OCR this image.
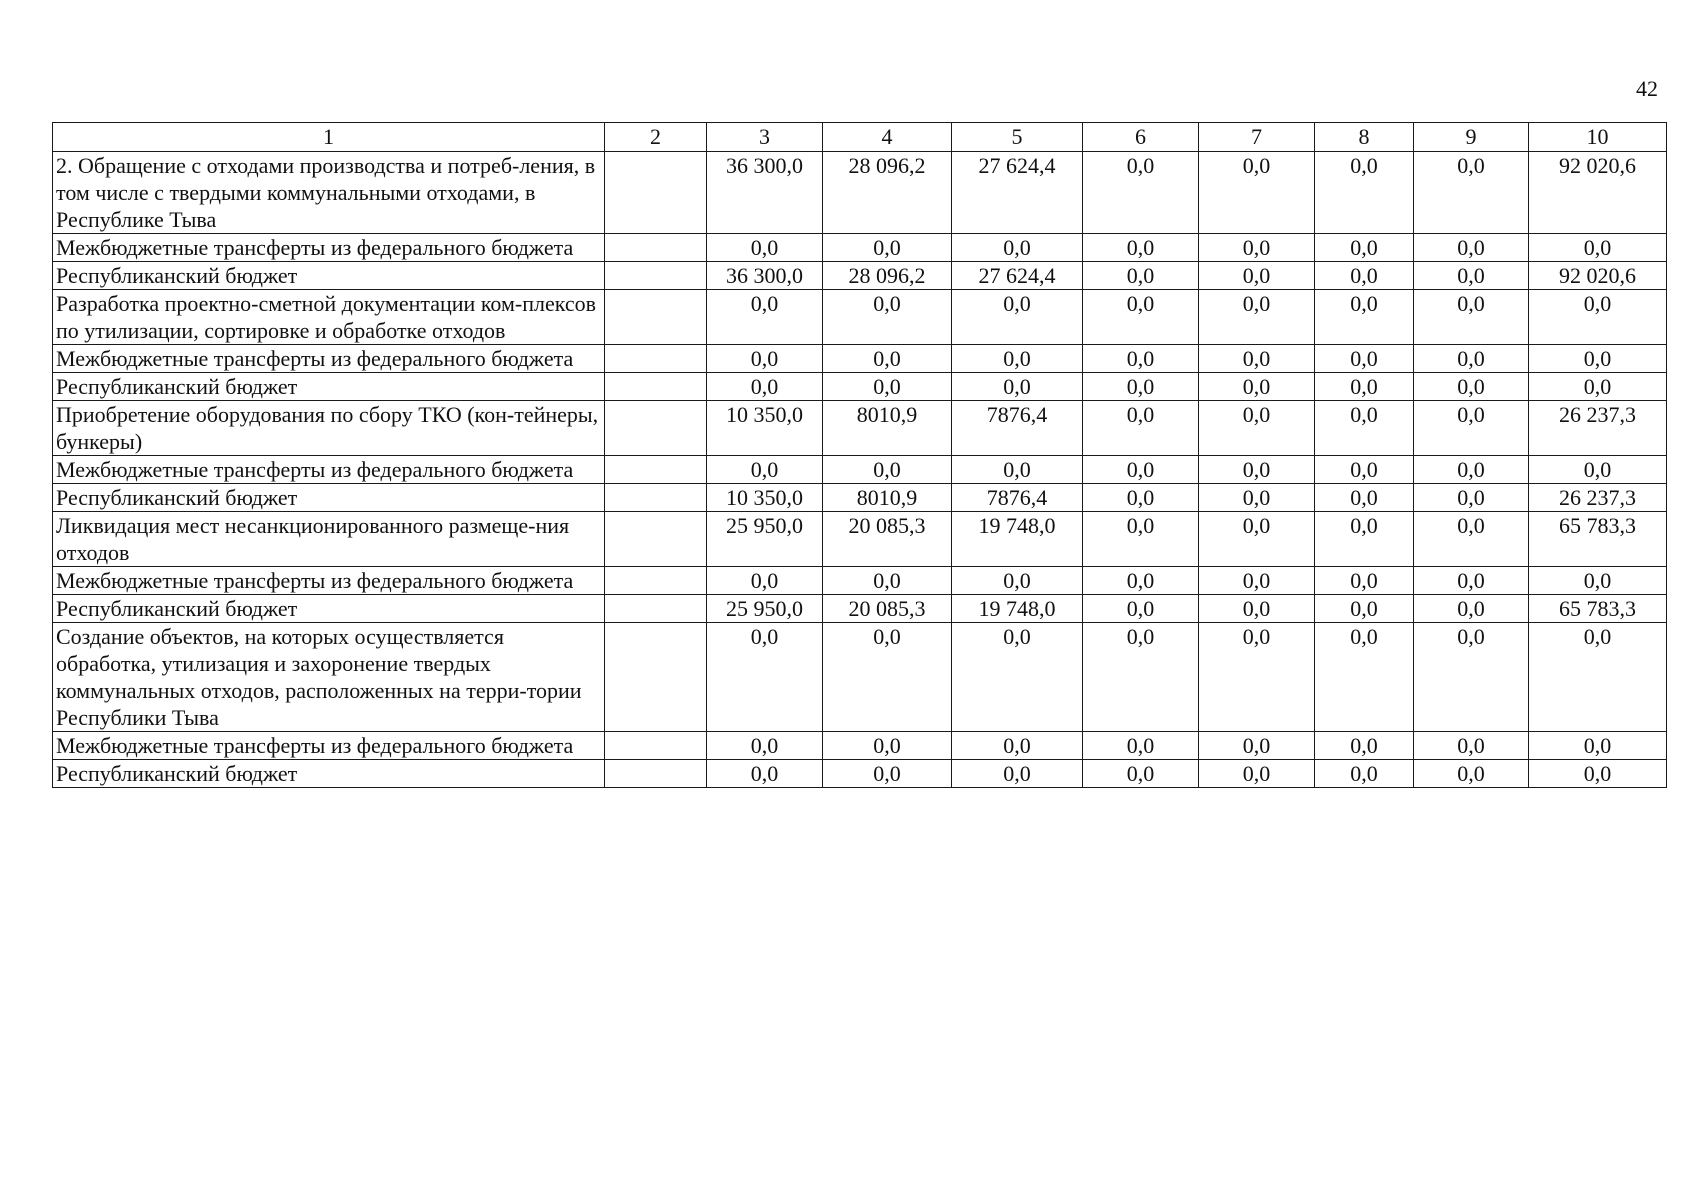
42
1	2	3	4	5	6	7	8	9	10
2. Обращение с отходами производства и потреб-ления, в том числе с твердыми коммунальными отходами, в Республике Тыва		36 300,0	28 096,2	27 624,4	0,0	0,0	0,0	0,0	92 020,6
Межбюджетные трансферты из федерального бюджета		0,0	0,0	0,0	0,0	0,0	0,0	0,0	0,0
Республиканский бюджет		36 300,0	28 096,2	27 624,4	0,0	0,0	0,0	0,0	92 020,6
Разработка проектно-сметной документации ком-плексов по утилизации, сортировке и обработке отходов		0,0	0,0	0,0	0,0	0,0	0,0	0,0	0,0
Межбюджетные трансферты из федерального бюджета		0,0	0,0	0,0	0,0	0,0	0,0	0,0	0,0
Республиканский бюджет		0,0	0,0	0,0	0,0	0,0	0,0	0,0	0,0
Приобретение оборудования по сбору ТКО (кон-тейнеры, бункеры)		10 350,0	8010,9	7876,4	0,0	0,0	0,0	0,0	26 237,3
Межбюджетные трансферты из федерального бюджета		0,0	0,0	0,0	0,0	0,0	0,0	0,0	0,0
Республиканский бюджет		10 350,0	8010,9	7876,4	0,0	0,0	0,0	0,0	26 237,3
Ликвидация мест несанкционированного размеще-ния отходов		25 950,0	20 085,3	19 748,0	0,0	0,0	0,0	0,0	65 783,3
Межбюджетные трансферты из федерального бюджета		0,0	0,0	0,0	0,0	0,0	0,0	0,0	0,0
Республиканский бюджет		25 950,0	20 085,3	19 748,0	0,0	0,0	0,0	0,0	65 783,3
Создание объектов, на которых осуществляется обработка, утилизация и захоронение твердых коммунальных отходов, расположенных на терри-тории Республики Тыва		0,0	0,0	0,0	0,0	0,0	0,0	0,0	0,0
Межбюджетные трансферты из федерального бюджета		0,0	0,0	0,0	0,0	0,0	0,0	0,0	0,0
Республиканский бюджет		0,0	0,0	0,0	0,0	0,0	0,0	0,0	0,0
